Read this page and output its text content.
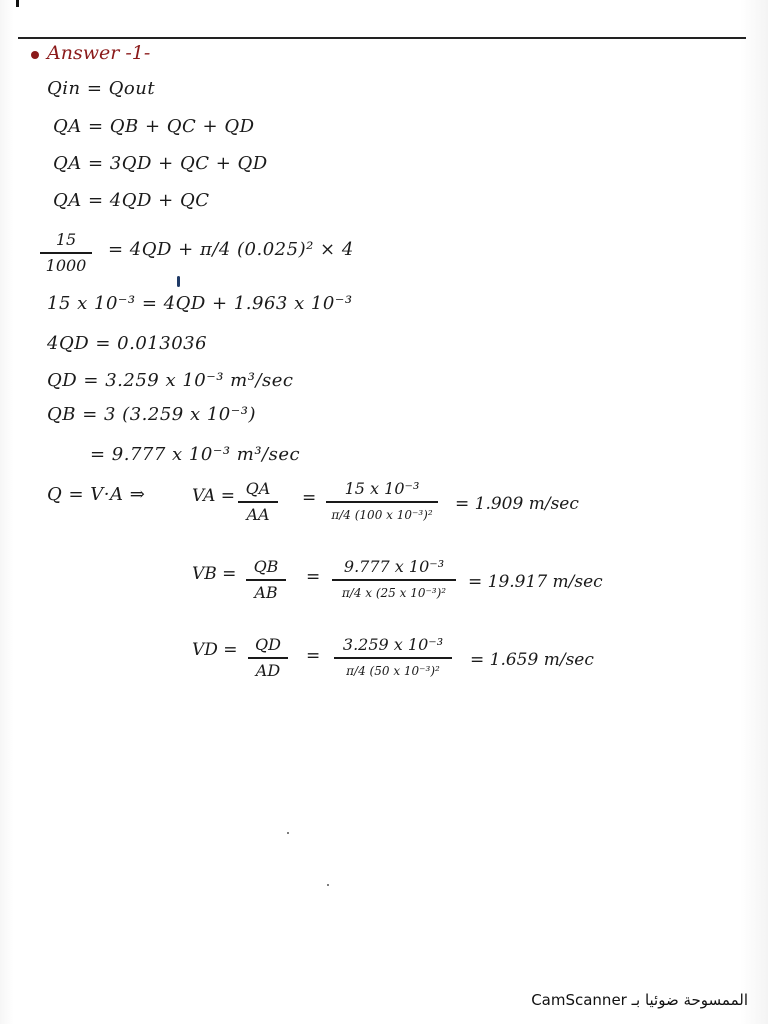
Answer -1-
Qin = Qout
QA = QB + QC + QD
QA = 3QD + QC + QD
QA = 4QD + QC
15
1000
= 4QD + π/4 (0.025)² × 4
15 x 10⁻³ = 4QD + 1.963 x 10⁻³
4QD = 0.013036
QD = 3.259 x 10⁻³ m³/sec
QB = 3 (3.259 x 10⁻³)
= 9.777 x 10⁻³ m³/sec
Q = V·A ⇒	VA = QA
AA
= 15 x 10⁻³
π/4 (100 x 10⁻³)²
= 1.909 m/sec
VB = QB
AB
=
9.777 x 10⁻³
π/4 x (25 x 10⁻³)²
= 19.917 m/sec
VD = QD
AD
=
3.259 x 10⁻³
π/4 (50 x 10⁻³)²
= 1.659 m/sec
CamScanner الممسوحة ضوئيا بـ
